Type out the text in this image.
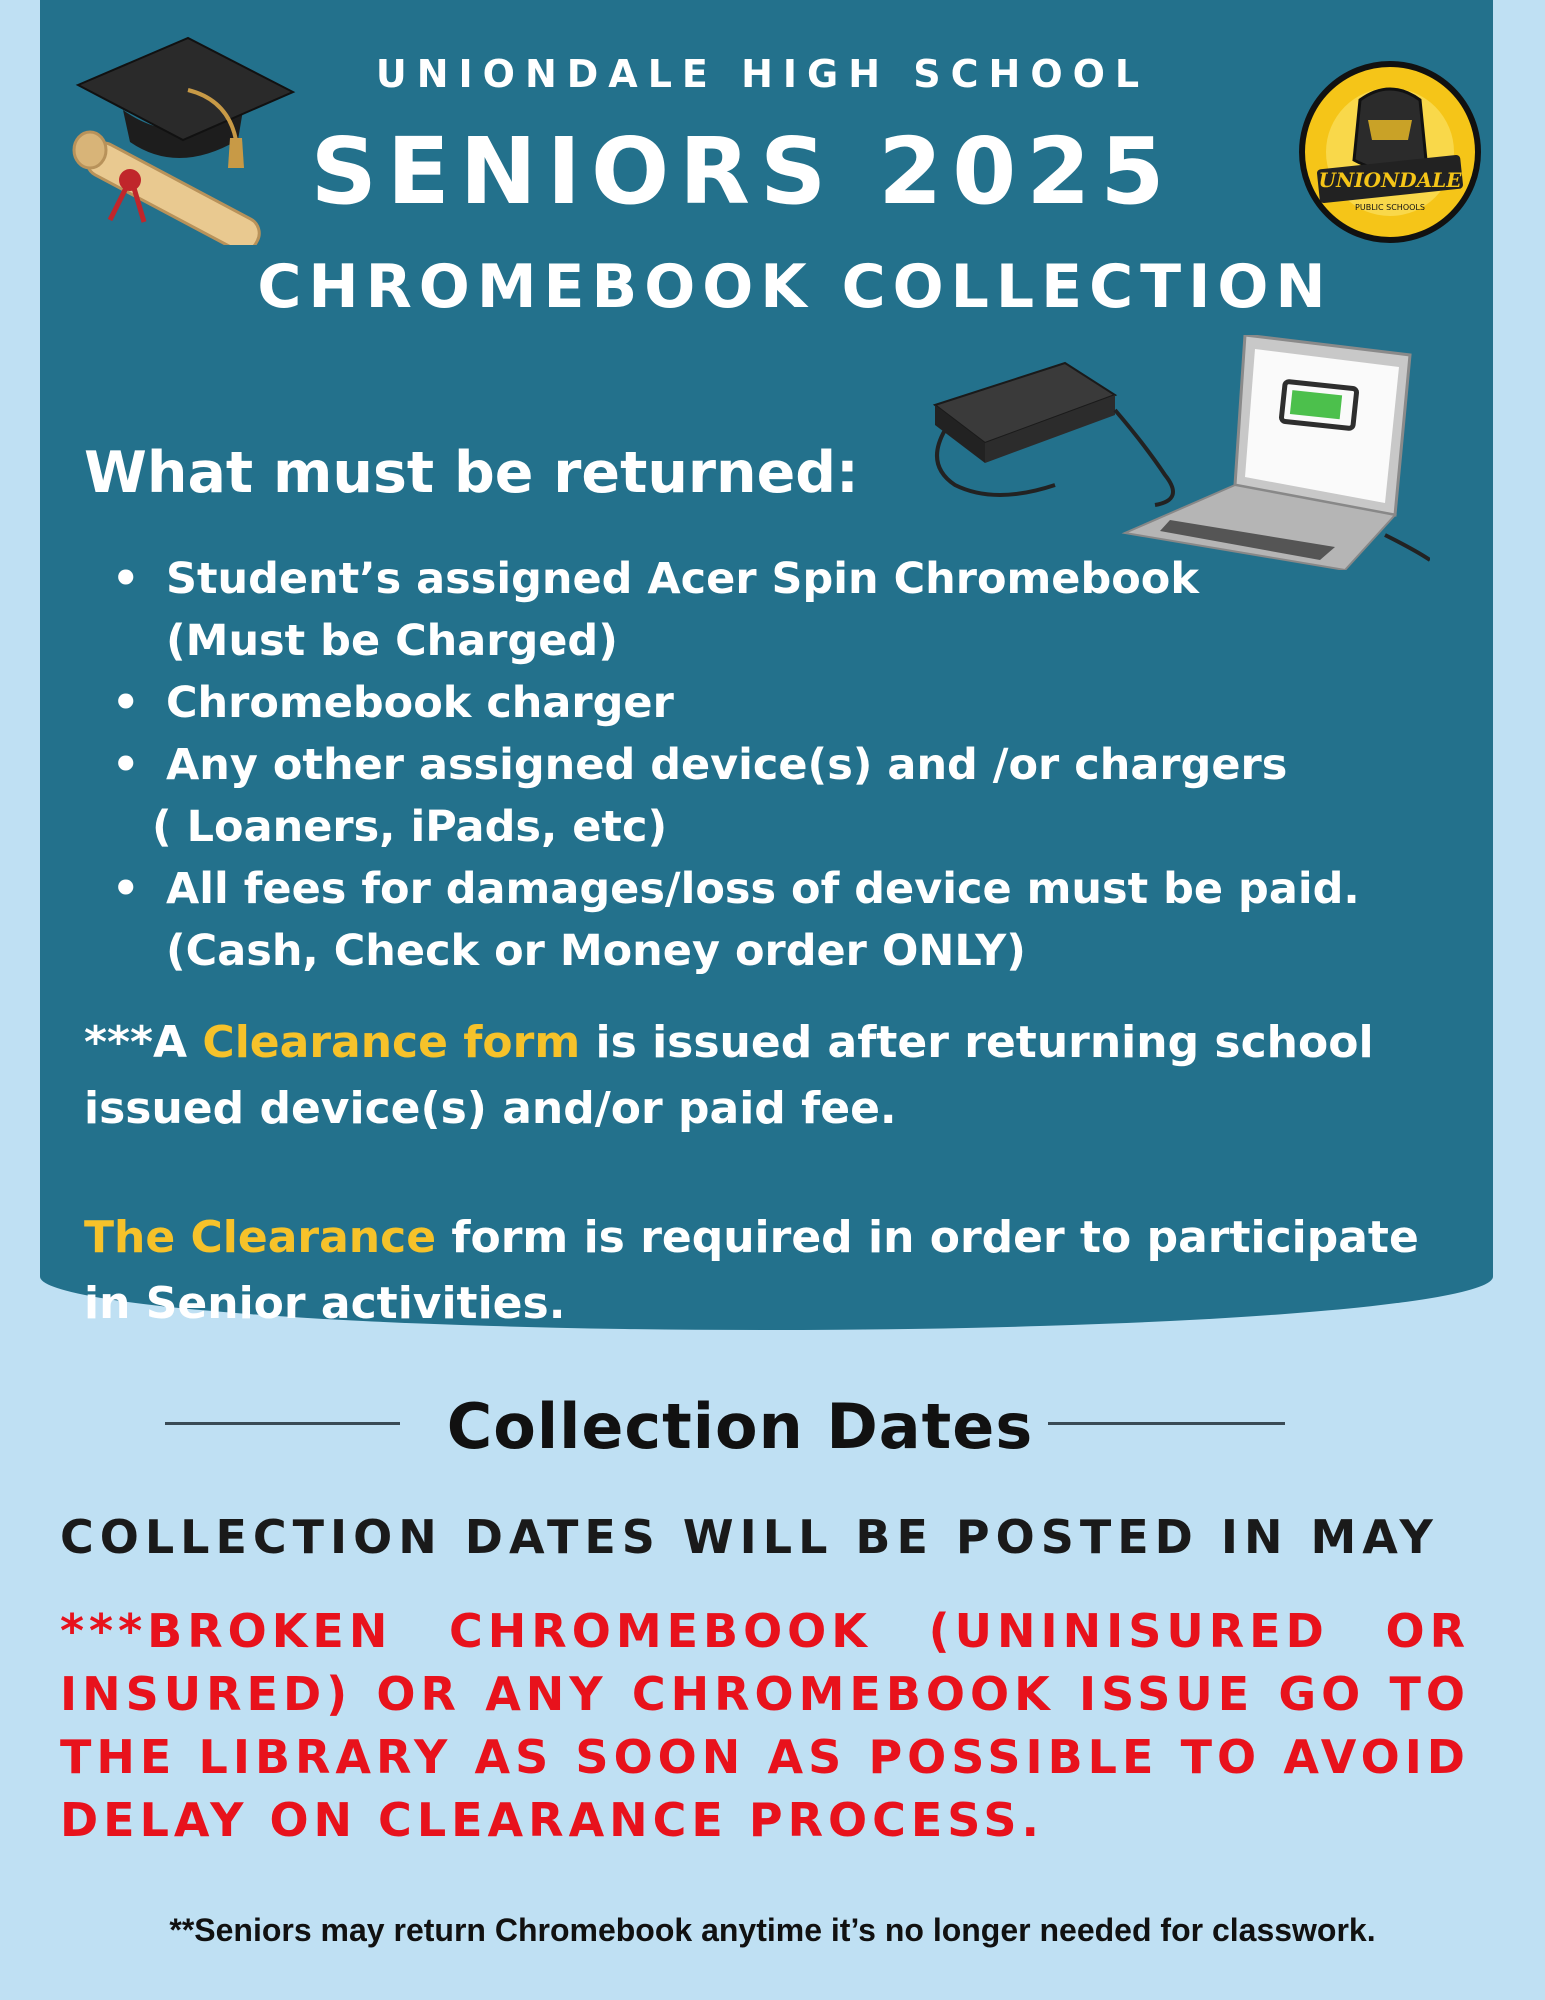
UNIONDALE HIGH SCHOOL
SENIORS 2025
CHROMEBOOK COLLECTION
UNIONDALE
PUBLIC SCHOOLS
What must be returned:
• Student’s assigned Acer Spin Chromebook
(Must be Charged)
• Chromebook charger
• Any other assigned device(s) and /or chargers
( Loaners, iPads, etc)
• All fees for damages/loss of device must be paid.
(Cash, Check or Money order ONLY)
***A Clearance form is issued after returning school issued device(s) and/or paid fee.
The Clearance form is required in order to participate in Senior activities.
Collection Dates
COLLECTION DATES WILL BE POSTED IN MAY
***BROKEN CHROMEBOOK (UNINISURED OR INSURED) OR ANY CHROMEBOOK ISSUE GO TO THE LIBRARY AS SOON AS POSSIBLE TO AVOID DELAY ON CLEARANCE PROCESS.
**Seniors may return Chromebook anytime it’s no longer needed for classwork.
